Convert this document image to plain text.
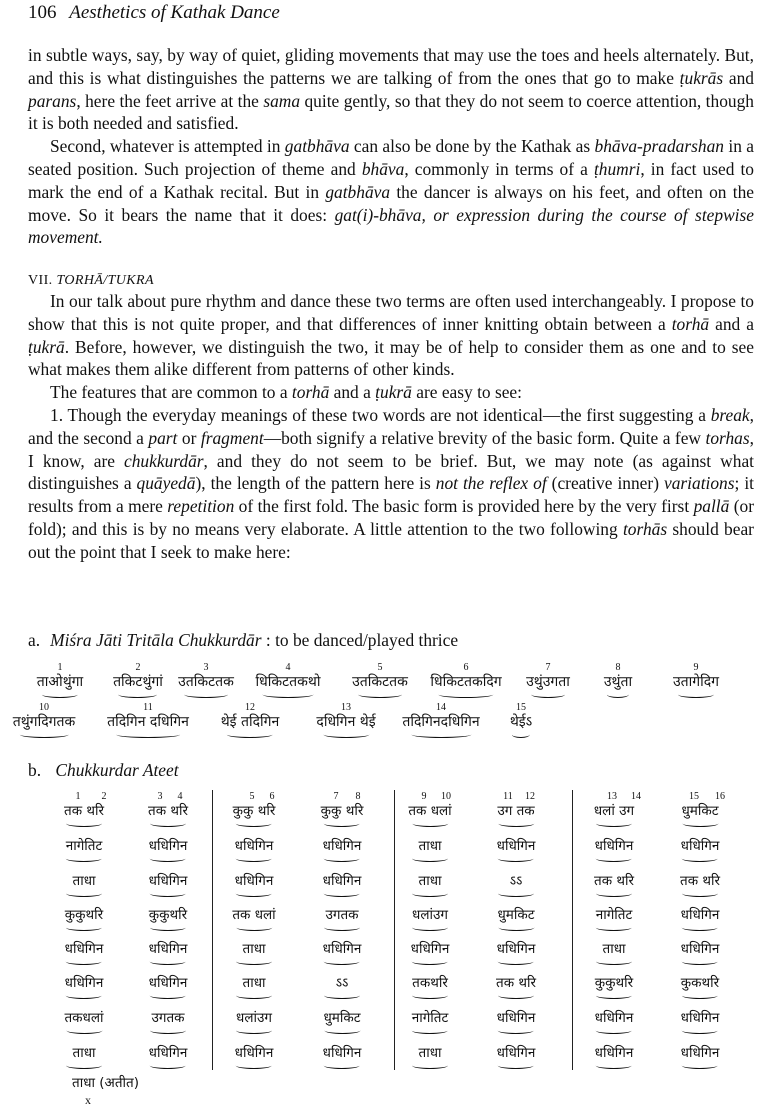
106 Aesthetics of Kathak Dance

in subtle ways, say, by way of quiet, gliding movements that may use the toes and heels alternately. But, and this is what distinguishes the patterns we are talking of from the ones that go to make ṭukrās and parans, here the feet arrive at the sama quite gently, so that they do not seem to coerce attention, though it is both needed and satisfied.

Second, whatever is attempted in gatbhāva can also be done by the Kathak as bhāva-pradarshan in a seated position. Such projection of theme and bhāva, commonly in terms of a ṭhumri, in fact used to mark the end of a Kathak recital. But in gatbhāva the dancer is always on his feet, and often on the move. So it bears the name that it does: gat(i)-bhāva, or expression during the course of stepwise movement.

VII. TORHĀ/TUKRA

In our talk about pure rhythm and dance these two terms are often used interchangeably. I propose to show that this is not quite proper, and that differences of inner knitting obtain between a torhā and a ṭukrā. Before, however, we distinguish the two, it may be of help to consider them as one and to see what makes them alike different from patterns of other kinds.

The features that are common to a torhā and a ṭukrā are easy to see:

1. Though the everyday meanings of these two words are not identical—the first suggesting a break, and the second a part or fragment—both signify a relative brevity of the basic form. Quite a few torhas, I know, are chukkurdār, and they do not seem to be brief. But, we may note (as against what distinguishes a quāyedā), the length of the pattern here is not the reflex of (creative inner) variations; it results from a mere repetition of the first fold. The basic form is provided here by the very first pallā (or fold); and this is by no means very elaborate. A little attention to the two following torhās should bear out the point that I seek to make here:

a. Miśra Jāti Tritāla Chukkurdār : to be danced/played thrice
1
ताओथुंगा
2
तकिटथुंगां
3
उतकिटतक
4
धिकिटतकथो
5
उतकिटतक
6
धिकिटतकदिग
7
उथुंउगता
8
उथुंता
9
उतागेदिग
10
तथुंगदिगतक
11
तदिगिन दधिगिन
12
थेई तदिगिन
13
दधिगिन थेई
14
तदिगिनदधिगिन
15
थेईऽ
b. Chukkurdar Ateet
1 2	3 4	5 6	7 8	9 10	11 12	13 14	15 16
तक थरि	तक थरि	कुकु थरि	कुकु थरि	तक धलां	उग तक	धलां उग	धुमकिट
नागेतिट	धधिगिन	धधिगिन	धधिगिन	ताधा	धधिगिन	धधिगिन	धधिगिन
ताधा	धधिगिन	धधिगिन	धधिगिन	ताधा	ऽऽ	तक थरि	तक थरि
कुकुथरि	कुकुथरि	तक धलां	उगतक	धलांउग	धुमकिट	नागेतिट	धधिगिन
धधिगिन	धधिगिन	ताधा	धधिगिन	धधिगिन	धधिगिन	ताधा	धधिगिन
धधिगिन	धधिगिन	ताधा	ऽऽ	तकथरि	तक थरि	कुकुथरि	कुकथरि
तकधलां	उगतक	धलांउग	धुमकिट	नागेतिट	धधिगिन	धधिगिन	धधिगिन
ताधा	धधिगिन	धधिगिन	धधिगिन	ताधा	धधिगिन	धधिगिन	धधिगिन
ताधा (अतीत)
x
